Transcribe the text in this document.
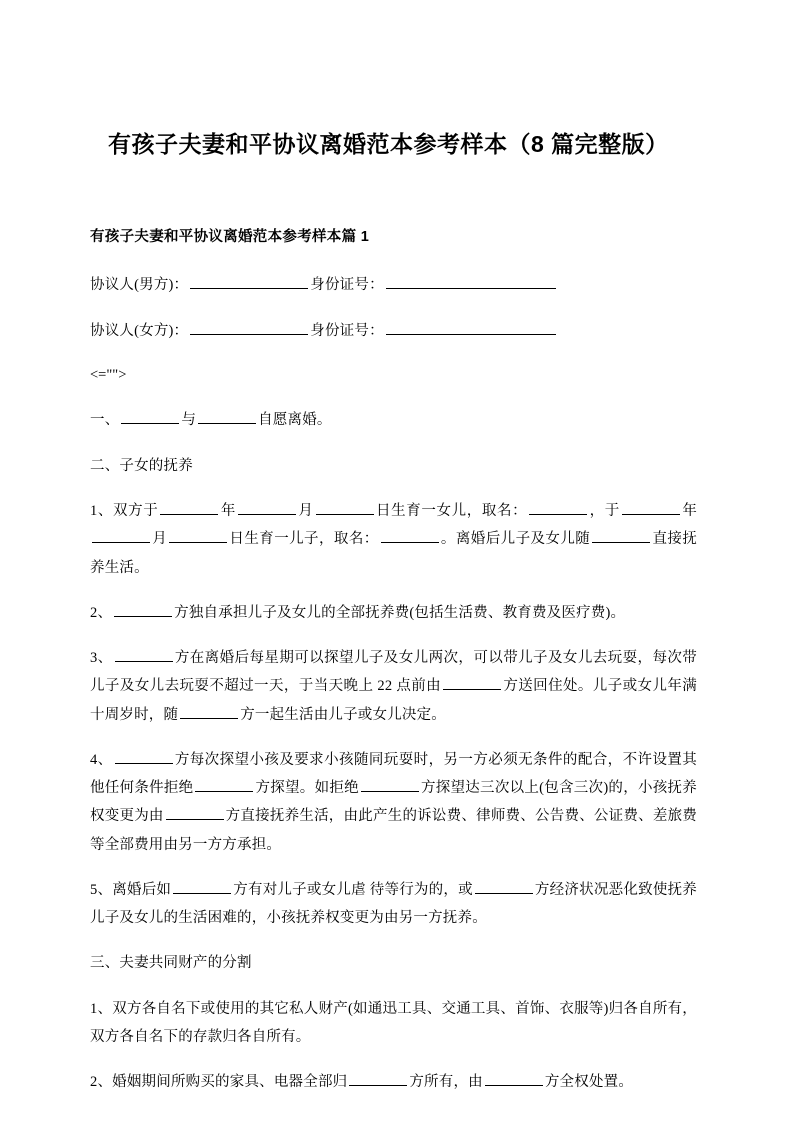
有孩子夫妻和平协议离婚范本参考样本（8 篇完整版）
有孩子夫妻和平协议离婚范本参考样本篇 1

协议人(男方)：	身份证号：

协议人(女方)：	身份证号：

<="">

一、	与	自愿离婚。

二、子女的抚养

1、双方于	年	月	日生育一女儿，取名：	，于	年月	日生育一儿子，取名：	。离婚后儿子及女儿随	直接抚养生活。

2、	方独自承担儿子及女儿的全部抚养费(包括生活费、教育费及医疗费)。

3、	方在离婚后每星期可以探望儿子及女儿两次，可以带儿子及女儿去玩耍，每次带儿子及女儿去玩耍不超过一天，于当天晚上 22 点前由	方送回住处。儿子或女儿年满十周岁时，随	方一起生活由儿子或女儿决定。

4、	方每次探望小孩及要求小孩随同玩耍时，另一方必须无条件的配合，不许设置其他任何条件拒绝	方探望。如拒绝	方探望达三次以上(包含三次)的，小孩抚养权变更为由	方直接抚养生活，由此产生的诉讼费、律师费、公告费、公证费、差旅费等全部费用由另一方方承担。

5、离婚后如	方有对儿子或女儿虐 待等行为的，或	方经济状况恶化致使抚养儿子及女儿的生活困难的，小孩抚养权变更为由另一方抚养。

三、夫妻共同财产的分割

1、双方各自名下或使用的其它私人财产(如通迅工具、交通工具、首饰、衣服等)归各自所有，双方各自名下的存款归各自所有。

2、婚姻期间所购买的家具、电器全部归	方所有，由	方全权处置。
